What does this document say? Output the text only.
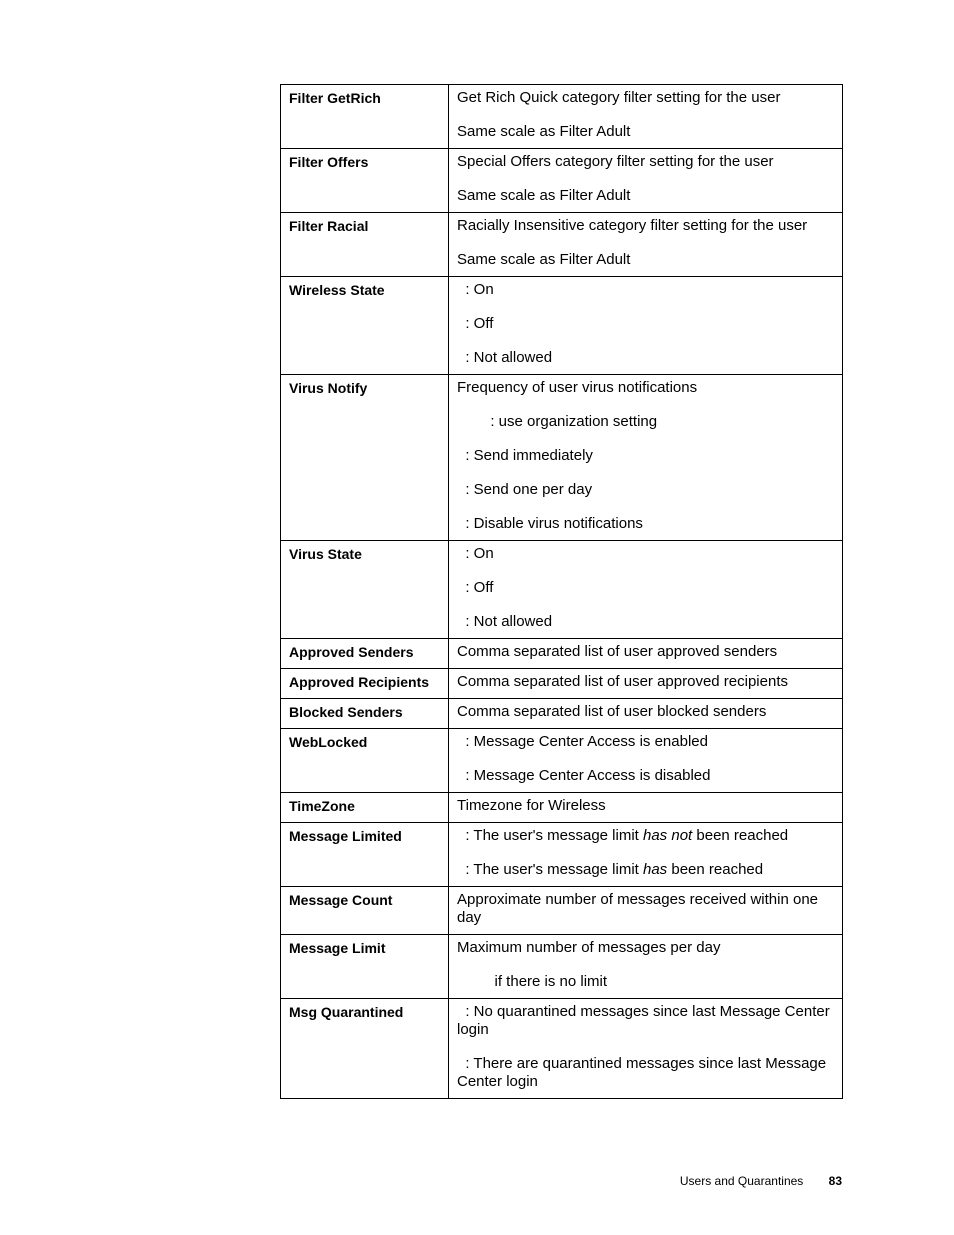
Filter GetRich	Get Rich Quick category filter setting for the user
Same scale as Filter Adult

Filter Offers	Special Offers category filter setting for the user
Same scale as Filter Adult

Filter Racial	Racially Insensitive category filter setting for the user
Same scale as Filter Adult

Wireless State	: On
: Off
: Not allowed

Virus Notify	Frequency of user virus notifications
: use organization setting
: Send immediately
: Send one per day
: Disable virus notifications

Virus State	: On
: Off
: Not allowed

Approved Senders	Comma separated list of user approved senders

Approved Recipients	Comma separated list of user approved recipients

Blocked Senders	Comma separated list of user blocked senders

WebLocked	: Message Center Access is enabled
: Message Center Access is disabled

TimeZone	Timezone for Wireless

Message Limited	: The user's message limit has not been reached
: The user's message limit has been reached

Message Count	Approximate number of messages received within one day

Message Limit	Maximum number of messages per day
if there is no limit

Msg Quarantined	: No quarantined messages since last Message Center login
: There are quarantined messages since last Message Center login
Users and Quarantines 83
